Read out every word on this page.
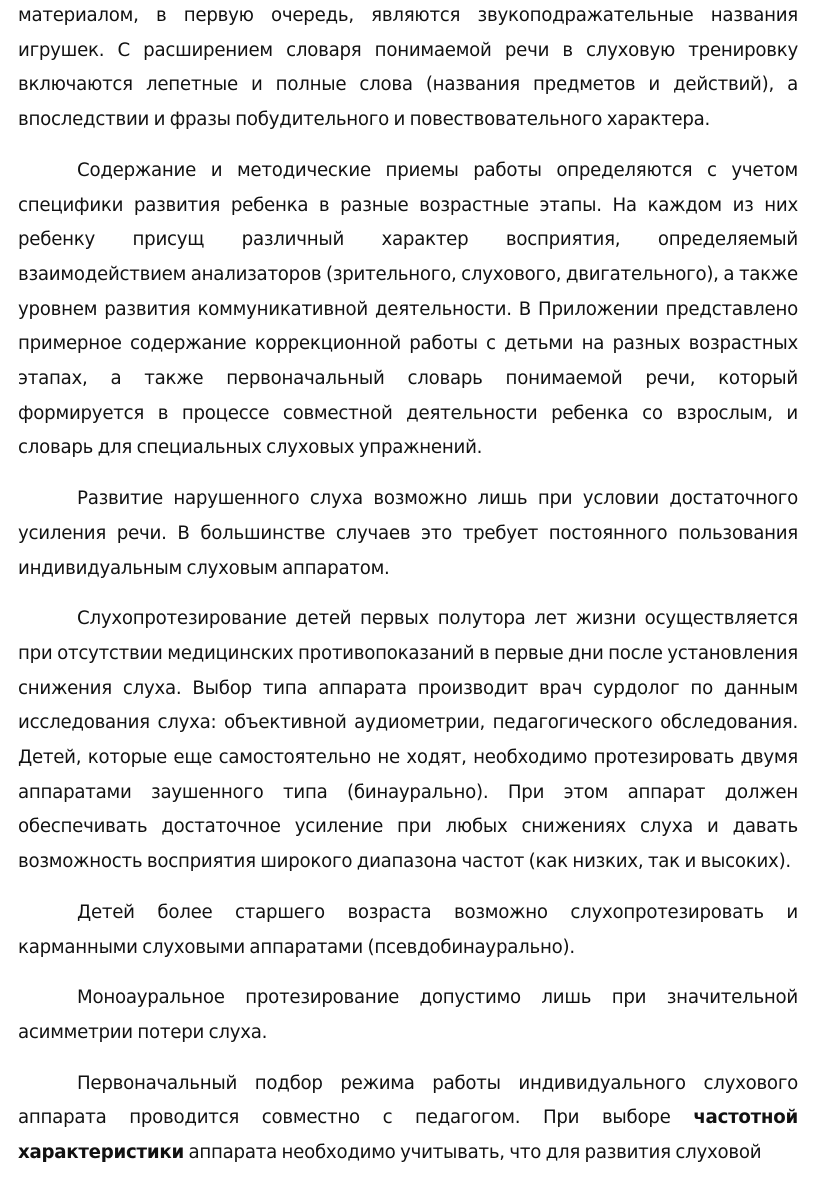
материалом, в первую очередь, являются звукоподражательные названия игрушек. С расширением словаря понимаемой речи в слуховую тренировку включаются лепетные и полные слова (названия предметов и действий), а впоследствии и фразы побудительного и повествовательного характера.

Содержание и методические приемы работы определяются с учетом специфики развития ребенка в разные возрастные этапы. На каждом из них ребенку присущ различный характер восприятия, определяемый взаимодействием анализаторов (зрительного, слухового, двигательного), а также уровнем развития коммуникативной деятельности. В Приложении представлено примерное содержание коррекционной работы с детьми на разных возрастных этапах, а также первоначальный словарь понимаемой речи, который формируется в процессе совместной деятельности ребенка со взрослым, и словарь для специальных слуховых упражнений.

Развитие нарушенного слуха возможно лишь при условии достаточного усиления речи. В большинстве случаев это требует постоянного пользования индивидуальным слуховым аппаратом.

Слухопротезирование детей первых полутора лет жизни осуществляется при отсутствии медицинских противопоказаний в первые дни после установления снижения слуха. Выбор типа аппарата производит врач сурдолог по данным исследования слуха: объективной аудиометрии, педагогического обследования. Детей, которые еще самостоятельно не ходят, необходимо протезировать двумя аппаратами заушенного типа (бинаурально). При этом аппарат должен обеспечивать достаточное усиление при любых снижениях слуха и давать возможность восприятия широкого диапазона частот (как низких, так и высоких).

Детей более старшего возраста возможно слухопротезировать и карманными слуховыми аппаратами (псевдобинаурально).

Моноауральное протезирование допустимо лишь при значительной асимметрии потери слуха.

Первоначальный подбор режима работы индивидуального слухового аппарата проводится совместно с педагогом. При выборе частотной характеристики аппарата необходимо учитывать, что для развития слуховой
